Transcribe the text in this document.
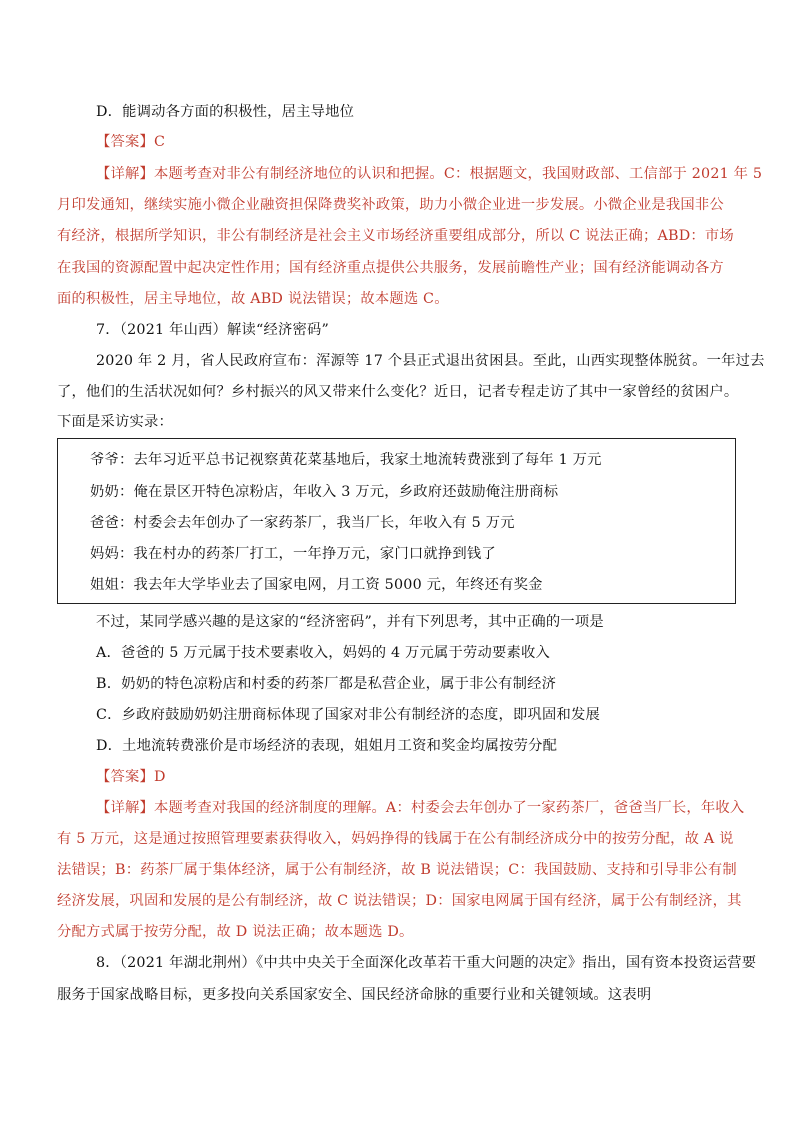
D．能调动各方面的积极性，居主导地位
【答案】C
【详解】本题考查对非公有制经济地位的认识和把握。C：根据题文，我国财政部、工信部于 2021 年 5
月印发通知，继续实施小微企业融资担保降费奖补政策，助力小微企业进一步发展。小微企业是我国非公
有经济，根据所学知识，非公有制经济是社会主义市场经济重要组成部分，所以 C 说法正确；ABD：市场
在我国的资源配置中起决定性作用；国有经济重点提供公共服务，发展前瞻性产业；国有经济能调动各方
面的积极性，居主导地位，故 ABD 说法错误；故本题选 C。
7．（2021 年山西）解读“经济密码”
2020 年 2 月，省人民政府宣布：浑源等 17 个县正式退出贫困县。至此，山西实现整体脱贫。一年过去
了，他们的生活状况如何？乡村振兴的风又带来什么变化？近日，记者专程走访了其中一家曾经的贫困户。
下面是采访实录：
爷爷：去年习近平总书记视察黄花菜基地后，我家土地流转费涨到了每年 1 万元
奶奶：俺在景区开特色凉粉店，年收入 3 万元，乡政府还鼓励俺注册商标
爸爸：村委会去年创办了一家药茶厂，我当厂长，年收入有 5 万元
妈妈：我在村办的药茶厂打工，一年挣万元，家门口就挣到钱了
姐姐：我去年大学毕业去了国家电网，月工资 5000 元，年终还有奖金
不过，某同学感兴趣的是这家的“经济密码”，并有下列思考，其中正确的一项是
A．爸爸的 5 万元属于技术要素收入，妈妈的 4 万元属于劳动要素收入
B．奶奶的特色凉粉店和村委的药茶厂都是私营企业，属于非公有制经济
C．乡政府鼓励奶奶注册商标体现了国家对非公有制经济的态度，即巩固和发展
D．土地流转费涨价是市场经济的表现，姐姐月工资和奖金均属按劳分配
【答案】D
【详解】本题考查对我国的经济制度的理解。A：村委会去年创办了一家药茶厂，爸爸当厂长，年收入
有 5 万元，这是通过按照管理要素获得收入，妈妈挣得的钱属于在公有制经济成分中的按劳分配，故 A 说
法错误；B：药茶厂属于集体经济，属于公有制经济，故 B 说法错误；C：我国鼓励、支持和引导非公有制
经济发展，巩固和发展的是公有制经济，故 C 说法错误；D：国家电网属于国有经济，属于公有制经济，其
分配方式属于按劳分配，故 D 说法正确；故本题选 D。
8．（2021 年湖北荆州）《中共中央关于全面深化改革若干重大问题的决定》指出，国有资本投资运营要
服务于国家战略目标，更多投向关系国家安全、国民经济命脉的重要行业和关键领域。这表明
